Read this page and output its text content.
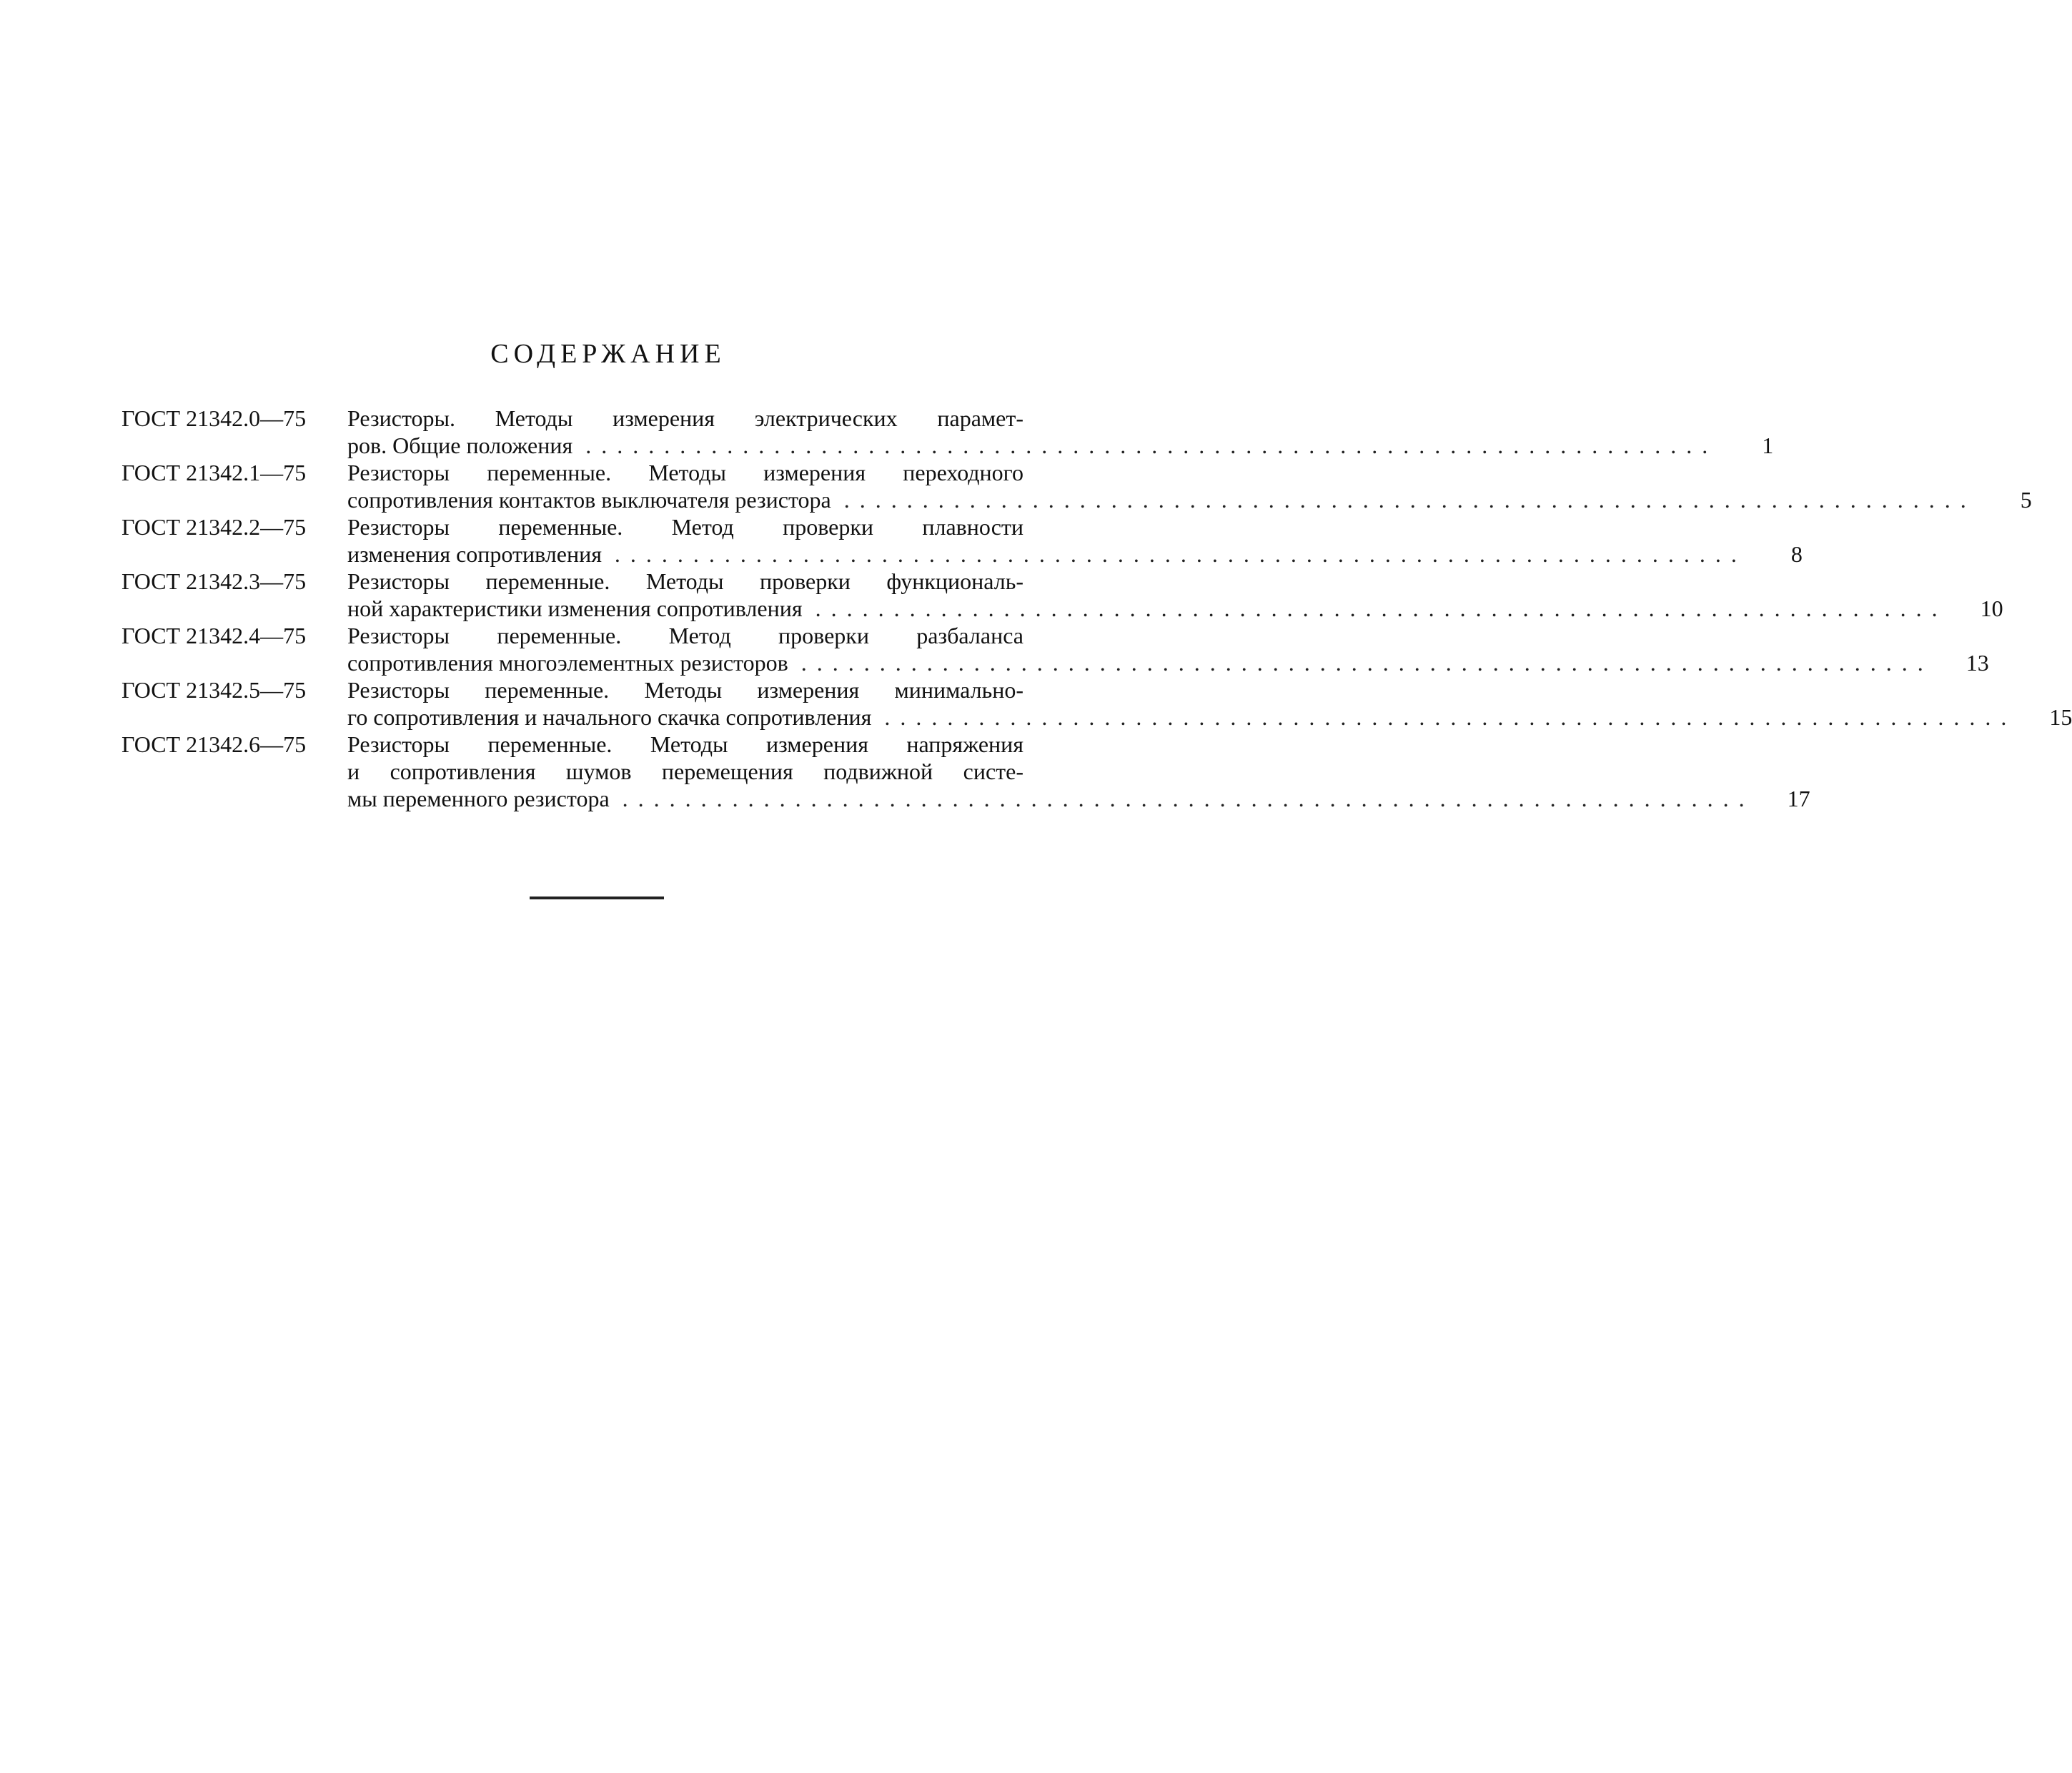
СОДЕРЖАНИЕ
ГОСТ 21342.0—75	Резисторы. Методы измерения электрических парамет-
ров. Общие положения ........................................................................	1
ГОСТ 21342.1—75	Резисторы переменные. Методы измерения переходного
сопротивления контактов выключателя резистора ........................................................................	5
ГОСТ 21342.2—75	Резисторы переменные. Метод проверки плавности
изменения сопротивления ........................................................................	8
ГОСТ 21342.3—75	Резисторы переменные. Методы проверки функциональ-
ной характеристики изменения сопротивления ........................................................................	10
ГОСТ 21342.4—75	Резисторы переменные. Метод проверки разбаланса
сопротивления многоэлементных резисторов ........................................................................	13
ГОСТ 21342.5—75	Резисторы переменные. Методы измерения минимально-
го сопротивления и начального скачка сопротивления ........................................................................	15
ГОСТ 21342.6—75	Резисторы переменные. Методы измерения напряжения
и сопротивления шумов перемещения подвижной систе-
мы переменного резистора ........................................................................	17
